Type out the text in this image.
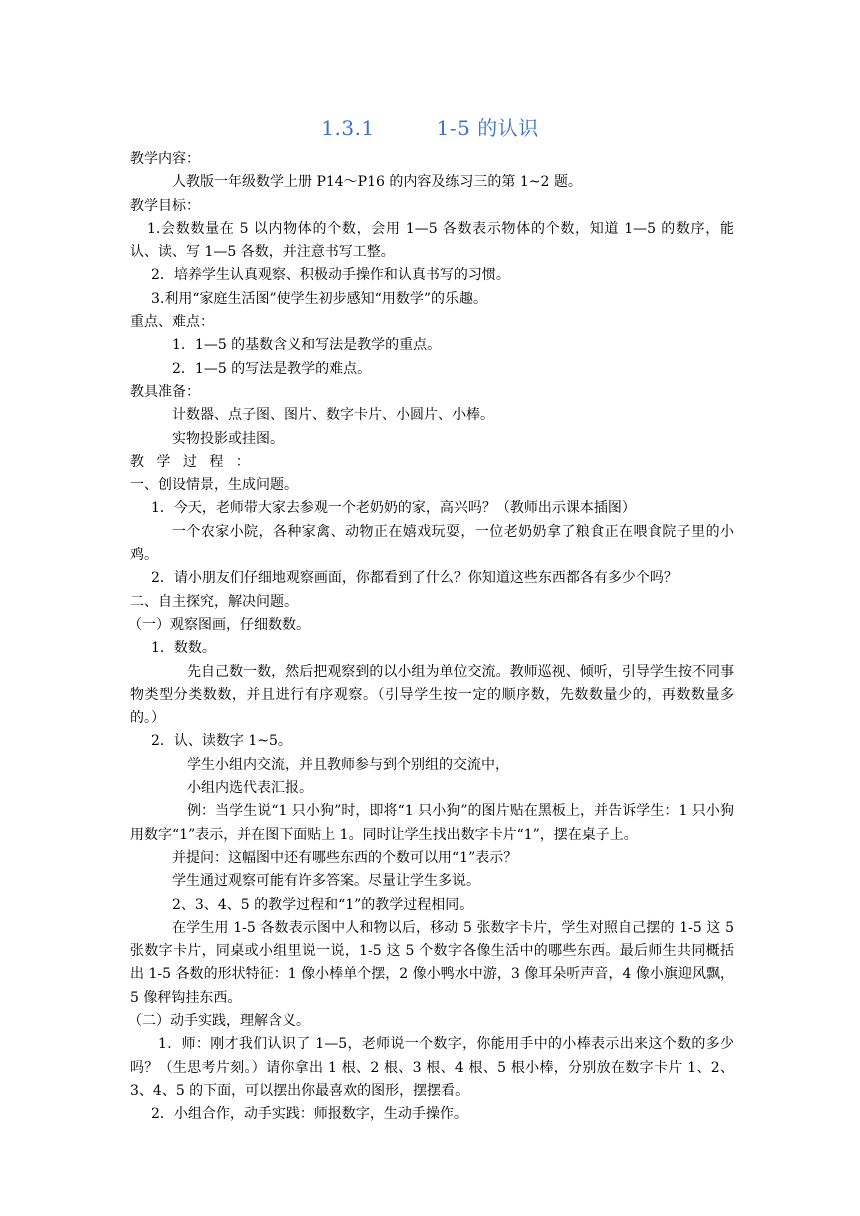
1.3.1	1-5 的认识

教学内容：

人教版一年级数学上册 P14～P16 的内容及练习三的第 1~2 题。

教学目标：

1.会数数量在 5 以内物体的个数，会用 1—5 各数表示物体的个数，知道 1—5 的数序，能认、读、写 1—5 各数，并注意书写工整。

2．培养学生认真观察、积极动手操作和认真书写的习惯。

3.利用“家庭生活图”使学生初步感知“用数学”的乐趣。

重点、难点：

1．1—5 的基数含义和写法是教学的重点。

2．1—5 的写法是教学的难点。

教具准备：

计数器、点子图、图片、数字卡片、小圆片、小棒。

实物投影或挂图。

教 学 过 程 ：

一、创设情景，生成问题。

1．今天，老师带大家去参观一个老奶奶的家，高兴吗？（教师出示课本插图）

一个农家小院，各种家禽、动物正在嬉戏玩耍，一位老奶奶拿了粮食正在喂食院子里的小鸡。

2．请小朋友们仔细地观察画面，你都看到了什么？你知道这些东西都各有多少个吗？

二、自主探究，解决问题。

（一）观察图画，仔细数数。

1．数数。

先自己数一数，然后把观察到的以小组为单位交流。教师巡视、倾听，引导学生按不同事物类型分类数数，并且进行有序观察。（引导学生按一定的顺序数，先数数量少的，再数数量多的。）

2．认、读数字 1~5。

学生小组内交流，并且教师参与到个别组的交流中，

小组内选代表汇报。

例：当学生说“1 只小狗”时，即将“1 只小狗”的图片贴在黑板上，并告诉学生：1 只小狗用数字“1”表示，并在图下面贴上 1。同时让学生找出数字卡片“1”，摆在桌子上。

并提问：这幅图中还有哪些东西的个数可以用“1”表示？

学生通过观察可能有许多答案。尽量让学生多说。

2、3、4、5 的教学过程和“1”的教学过程相同。

在学生用 1-5 各数表示图中人和物以后，移动 5 张数字卡片，学生对照自己摆的 1-5 这 5 张数字卡片，同桌或小组里说一说，1-5 这 5 个数字各像生活中的哪些东西。最后师生共同概括出 1-5 各数的形状特征：1 像小棒单个摆，2 像小鸭水中游，3 像耳朵听声音，4 像小旗迎风飘，5 像秤钩挂东西。

（二）动手实践，理解含义。

1．师：刚才我们认识了 1—5，老师说一个数字，你能用手中的小棒表示出来这个数的多少吗？（生思考片刻。）请你拿出 1 根、2 根、3 根、4 根、5 根小棒，分别放在数字卡片 1、2、3、4、5 的下面，可以摆出你最喜欢的图形，摆摆看。

2．小组合作，动手实践：师报数字，生动手操作。
